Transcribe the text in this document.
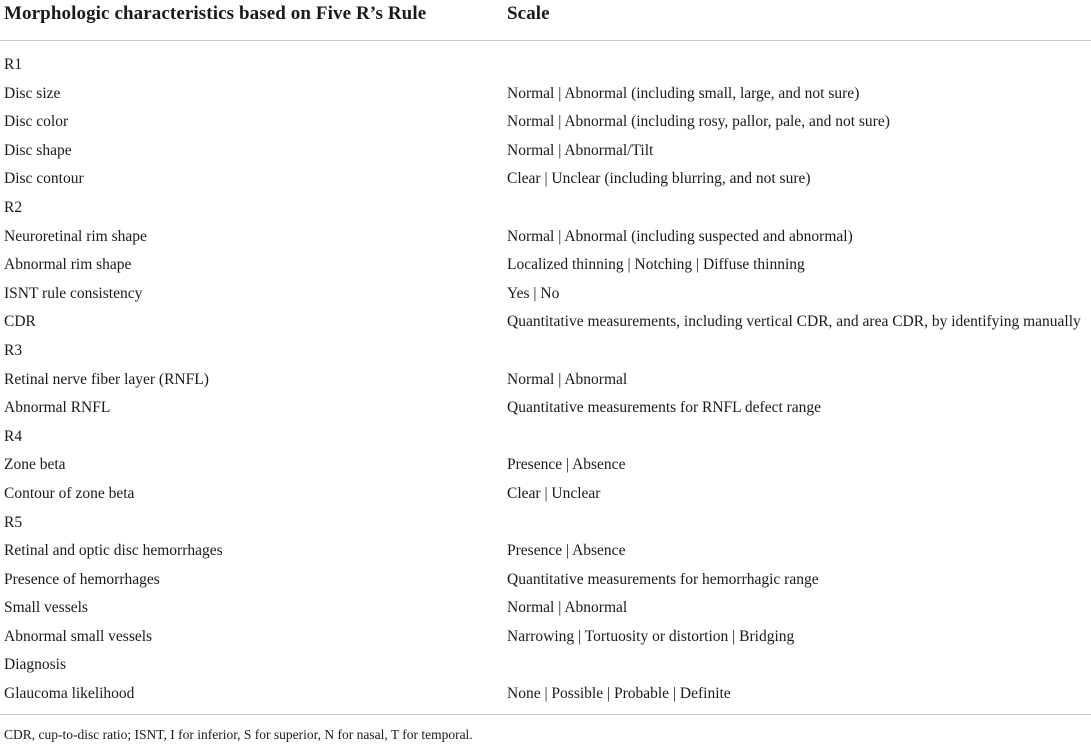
Morphologic characteristics based on Five R’s Rule	Scale
R1
Disc size	Normal | Abnormal (including small, large, and not sure)
Disc color	Normal | Abnormal (including rosy, pallor, pale, and not sure)
Disc shape	Normal | Abnormal/Tilt
Disc contour	Clear | Unclear (including blurring, and not sure)
R2
Neuroretinal rim shape	Normal | Abnormal (including suspected and abnormal)
Abnormal rim shape	Localized thinning | Notching | Diffuse thinning
ISNT rule consistency	Yes | No
CDR	Quantitative measurements, including vertical CDR, and area CDR, by identifying manually
R3
Retinal nerve fiber layer (RNFL)	Normal | Abnormal
Abnormal RNFL	Quantitative measurements for RNFL defect range
R4
Zone beta	Presence | Absence
Contour of zone beta	Clear | Unclear
R5
Retinal and optic disc hemorrhages	Presence | Absence
Presence of hemorrhages	Quantitative measurements for hemorrhagic range
Small vessels	Normal | Abnormal
Abnormal small vessels	Narrowing | Tortuosity or distortion | Bridging
Diagnosis
Glaucoma likelihood	None | Possible | Probable | Definite
CDR, cup-to-disc ratio; ISNT, I for inferior, S for superior, N for nasal, T for temporal.
